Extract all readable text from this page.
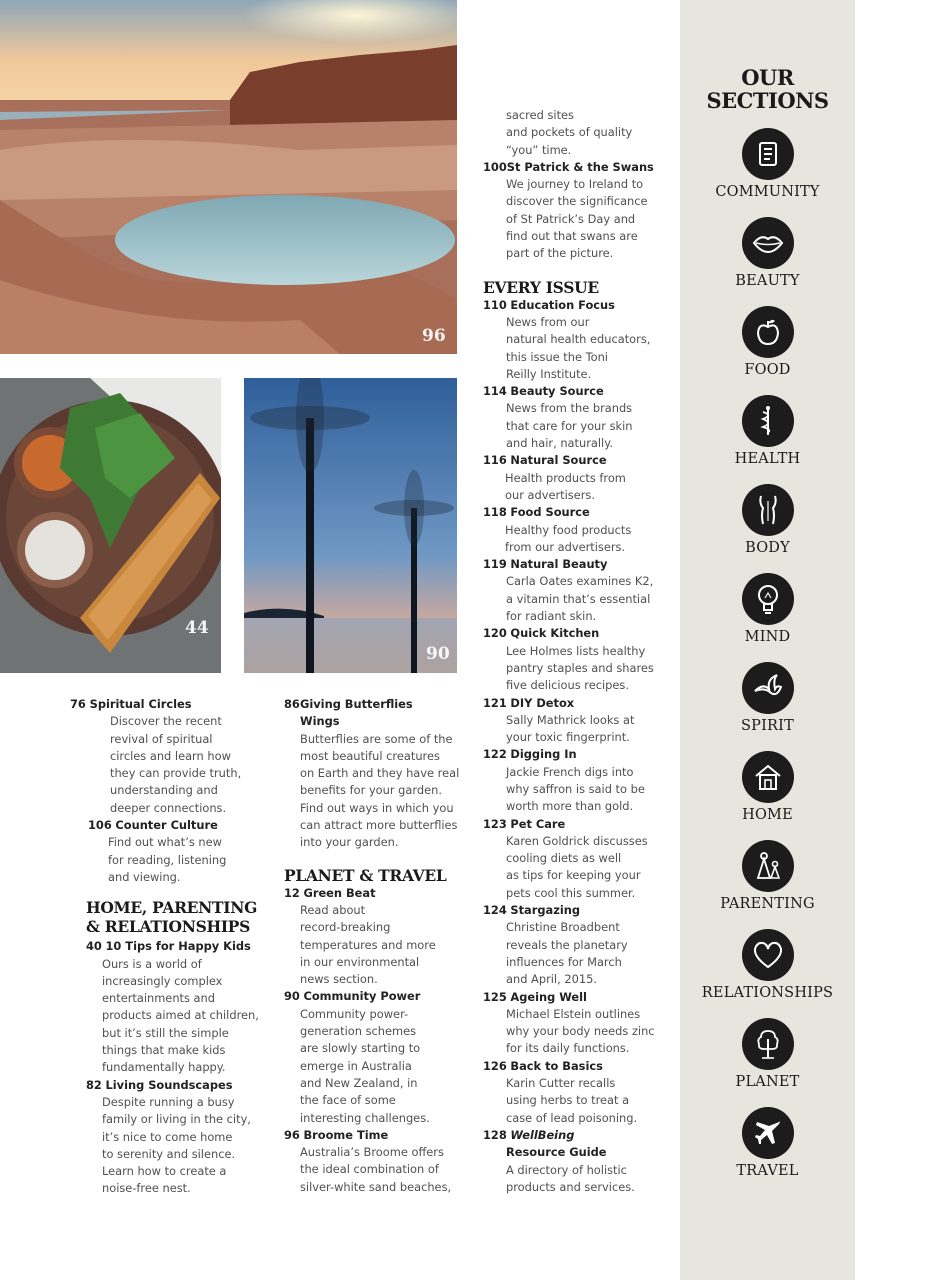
96
44
90
76 Spiritual Circles
Discover the recent
revival of spiritual
circles and learn how
they can provide truth,
understanding and
deeper connections.
106 Counter Culture
Find out what’s new
for reading, listening
and viewing.
HOME, PARENTING
& RELATIONSHIPS
40 10 Tips for Happy Kids
Ours is a world of
increasingly complex
entertainments and
products aimed at children,
but it’s still the simple
things that make kids
fundamentally happy.
82 Living Soundscapes
Despite running a busy
family or living in the city,
it’s nice to come home
to serenity and silence.
Learn how to create a
noise-free nest.
86 Giving Butterflies
Wings
Butterflies are some of the
most beautiful creatures
on Earth and they have real
benefits for your garden.
Find out ways in which you
can attract more butterflies
into your garden.
PLANET & TRAVEL
12 Green Beat
Read about
record-breaking
temperatures and more
in our environmental
news section.
90 Community Power
Community power-
generation schemes
are slowly starting to
emerge in Australia
and New Zealand, in
the face of some
interesting challenges.
96 Broome Time
Australia’s Broome offers
the ideal combination of
silver-white sand beaches,
sacred sites
and pockets of quality
“you” time.
100St Patrick & the Swans
We journey to Ireland to
discover the significance
of St Patrick’s Day and
find out that swans are
part of the picture.
EVERY ISSUE
110 Education Focus
News from our
natural health educators,
this issue the Toni
Reilly Institute.
114 Beauty Source
News from the brands
that care for your skin
and hair, naturally.
116 Natural Source
Health products from
our advertisers.
118 Food Source
Healthy food products
from our advertisers.
119 Natural Beauty
Carla Oates examines K2,
a vitamin that’s essential
for radiant skin.
120 Quick Kitchen
Lee Holmes lists healthy
pantry staples and shares
five delicious recipes.
121 DIY Detox
Sally Mathrick looks at
your toxic fingerprint.
122 Digging In
Jackie French digs into
why saffron is said to be
worth more than gold.
123 Pet Care
Karen Goldrick discusses
cooling diets as well
as tips for keeping your
pets cool this summer.
124 Stargazing
Christine Broadbent
reveals the planetary
influences for March
and April, 2015.
125 Ageing Well
Michael Elstein outlines
why your body needs zinc
for its daily functions.
126 Back to Basics
Karin Cutter recalls
using herbs to treat a
case of lead poisoning.
128 WellBeing
Resource Guide
A directory of holistic
products and services.
OUR
SECTIONS
COMMUNITY
BEAUTY
FOOD
HEALTH
BODY
MIND
SPIRIT
HOME
PARENTING
RELATIONSHIPS
PLANET
TRAVEL
